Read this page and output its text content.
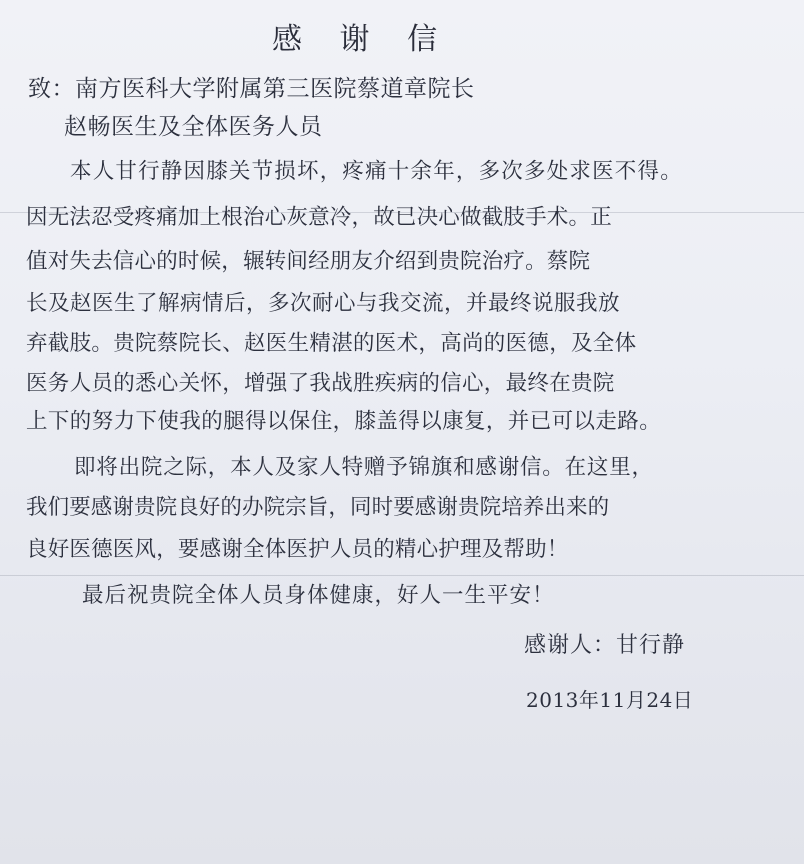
感 谢 信
致：南方医科大学附属第三医院蔡道章院长
赵畅医生及全体医务人员
本人甘行静因膝关节损坏，疼痛十余年，多次多处求医不得。
因无法忍受疼痛加上根治心灰意冷，故已决心做截肢手术。正
值对失去信心的时候，辗转间经朋友介绍到贵院治疗。蔡院
长及赵医生了解病情后，多次耐心与我交流，并最终说服我放
弃截肢。贵院蔡院长、赵医生精湛的医术，高尚的医德，及全体
医务人员的悉心关怀，增强了我战胜疾病的信心，最终在贵院
上下的努力下使我的腿得以保住，膝盖得以康复，并已可以走路。
即将出院之际，本人及家人特赠予锦旗和感谢信。在这里，
我们要感谢贵院良好的办院宗旨，同时要感谢贵院培养出来的
良好医德医风，要感谢全体医护人员的精心护理及帮助！
最后祝贵院全体人员身体健康，好人一生平安！
感谢人：甘行静
2013年11月24日
